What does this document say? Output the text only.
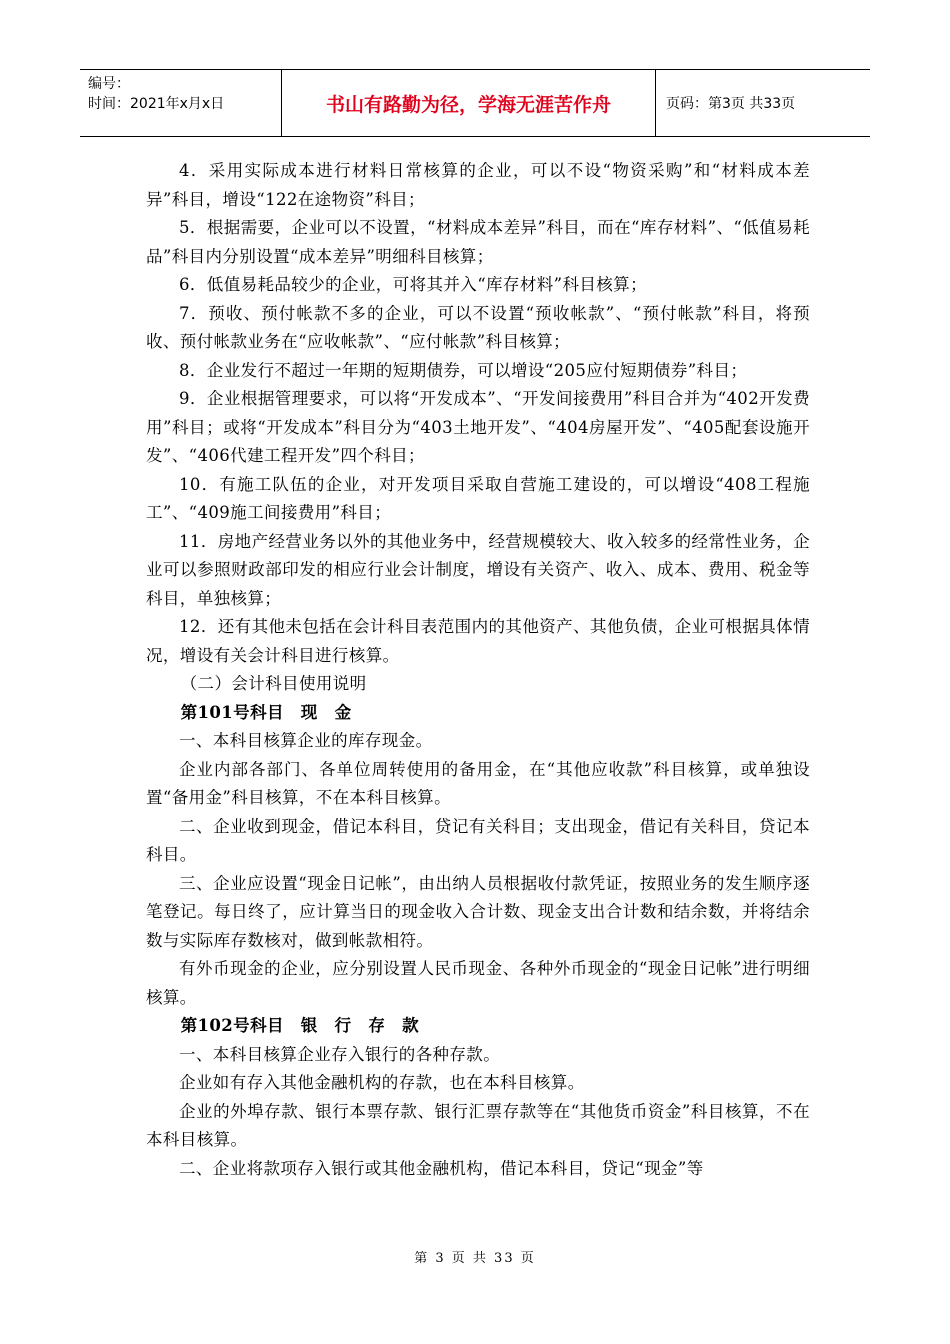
编号：
时间：2021年x月x日	书山有路勤为径，学海无涯苦作舟	页码：第3页 共33页

4．采用实际成本进行材料日常核算的企业，可以不设“物资采购”和“材料成本差异”科目，增设“122在途物资”科目；

5．根据需要，企业可以不设置，“材料成本差异”科目，而在“库存材料”、“低值易耗品”科目内分别设置“成本差异”明细科目核算；

6．低值易耗品较少的企业，可将其并入“库存材料”科目核算；

7．预收、预付帐款不多的企业，可以不设置“预收帐款”、“预付帐款”科目，将预收、预付帐款业务在“应收帐款”、“应付帐款”科目核算；

8．企业发行不超过一年期的短期债券，可以增设“205应付短期债券”科目；

9．企业根据管理要求，可以将“开发成本”、“开发间接费用”科目合并为“402开发费用”科目；或将“开发成本”科目分为“403土地开发”、“404房屋开发”、“405配套设施开发”、“406代建工程开发”四个科目；

10．有施工队伍的企业，对开发项目采取自营施工建设的，可以增设“408工程施工”、“409施工间接费用”科目；

11．房地产经营业务以外的其他业务中，经营规模较大、收入较多的经常性业务，企业可以参照财政部印发的相应行业会计制度，增设有关资产、收入、成本、费用、税金等科目，单独核算；

12．还有其他未包括在会计科目表范围内的其他资产、其他负债，企业可根据具体情况，增设有关会计科目进行核算。

（二）会计科目使用说明

第101号科目　现　金

一、本科目核算企业的库存现金。

企业内部各部门、各单位周转使用的备用金，在“其他应收款”科目核算，或单独设置“备用金”科目核算，不在本科目核算。

二、企业收到现金，借记本科目，贷记有关科目；支出现金，借记有关科目，贷记本科目。

三、企业应设置“现金日记帐”，由出纳人员根据收付款凭证，按照业务的发生顺序逐笔登记。每日终了，应计算当日的现金收入合计数、现金支出合计数和结余数，并将结余数与实际库存数核对，做到帐款相符。

有外币现金的企业，应分别设置人民币现金、各种外币现金的“现金日记帐”进行明细核算。

第102号科目　银　行　存　款

一、本科目核算企业存入银行的各种存款。

企业如有存入其他金融机构的存款，也在本科目核算。

企业的外埠存款、银行本票存款、银行汇票存款等在“其他货币资金”科目核算，不在本科目核算。

二、企业将款项存入银行或其他金融机构，借记本科目，贷记“现金”等

第 3 页 共 33 页
